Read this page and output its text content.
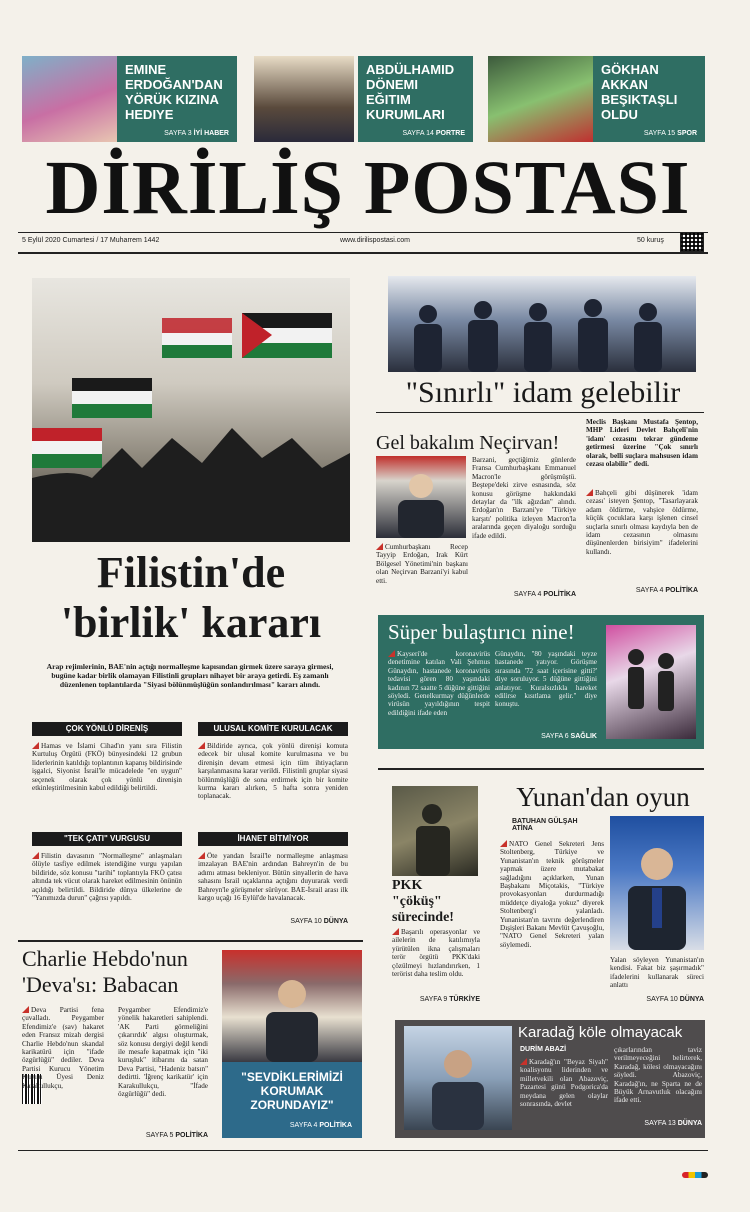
EMINE ERDOĞAN'DAN YÖRÜK KIZINA HEDIYE
SAYFA 3 İYİ HABER
ABDÜLHAMID DÖNEMI EĞITIM KURUMLARI
SAYFA 14 PORTRE
GÖKHAN AKKAN BEŞIKTAŞLI OLDU
SAYFA 15 SPOR
DİRİLİŞ POSTASI
5 Eylül 2020 Cumartesi / 17 Muharrem 1442	www.dirilispostasi.com	50 kuruş
Filistin'de
'birlik' kararı
Arap rejimlerinin, BAE'nin açtığı normalleşme kapısından girmek üzere saraya girmesi, bugüne kadar birlik olamayan Filistinli grupları nihayet bir araya getirdi. Eş zamanlı düzenlenen toplantılarda "Siyasi bölünmüşlüğün sonlandırılması" kararı alındı.
ÇOK YÖNLÜ DİRENİŞ
Hamas ve İslami Cihad'ın yanı sıra Filistin Kurtuluş Örgütü (FKÖ) bünyesindeki 12 grubun liderlerinin katıldığı toplantının kapanış bildirisinde işgalci, Siyonist İsrail'le mücadelede "en uygun" seçenek olarak çok yönlü direnişin etkinleştirilmesinin kabul edildiği belirtildi.
ULUSAL KOMİTE KURULACAK
Bildiride ayrıca, çok yönlü direnişi komuta edecek bir ulusal komite kurulmasına ve bu direnişin devam etmesi için tüm ihtiyaçların karşılanmasına karar verildi. Filistinli gruplar siyasi bölünmüşlüğü de sona erdirmek için bir komite kurma kararı alırken, 5 hafta sonra yeniden toplanacak.
"TEK ÇATI" VURGUSU
Filistin davasının "Normalleşme" anlaşmaları ölüyle tasfiye edilmek istendiğine vurgu yapılan bildiride, söz konusu "tarihi" toplantıyla FKÖ çatısı altında tek vücut olarak hareket edilmesinin önünün açıldığı belirtildi. Bildiride dünya ülkelerine de "Yanımızda durun" çağrısı yapıldı.
İHANET BİTMİYOR
Öte yandan İsrail'le normalleşme anlaşması imzalayan BAE'nin ardından Bahreyn'in de bu adımı atması bekleniyor. Bütün sinyallerin de hava sahasını İsrail uçaklarına açtığını duyurarak verdi Bahreyn'le görüşmeler sürüyor. BAE-İsrail arası ilk kargo uçağı 16 Eylül'de havalanacak.
SAYFA 10 DÜNYA
"Sınırlı" idam gelebilir
Meclis Başkanı Mustafa Şentop, MHP Lideri Devlet Bahçeli'nin 'idam' cezasını tekrar gündeme getirmesi üzerine "Çok sınırlı olarak, belli suçlara mahsusen idam cezası olabilir" dedi.
Bahçeli gibi düşünerek 'idam cezası' isteyen Şentop, "Tasarlayarak adam öldürme, vahşice öldürme, küçük çocuklara karşı işlenen cinsel suçlarla sınırlı olması kaydıyla ben de idam cezasının olmasını düşünenlerden birisiyim" ifadelerini kullandı.
SAYFA 4 POLİTİKA
Gel bakalım Neçirvan!
Cumhurbaşkanı Recep Tayyip Erdoğan, Irak Kürt Bölgesel Yönetimi'nin başkanı olan Neçirvan Barzani'yi kabul etti.
Barzani, geçtiğimiz günlerde Fransa Cumhurbaşkanı Emmanuel Macron'le görüşmüştü. Beştepe'deki zirve esnasında, söz konusu görüşme hakkındaki detaylar da "ilk ağızdan" alındı. Erdoğan'ın Barzani'ye 'Türkiye karşıtı' politika izleyen Macron'la aralarında geçen diyaloğu sorduğu ifade edildi.
SAYFA 4 POLİTİKA
Süper bulaştırıcı nine!
Kayseri'de koronavirüs denetimine katılan Vali Şehmus Günaydın, hastanede koronavirüs tedavisi gören 80 yaşındaki kadının 72 saatte 5 düğüne gittiğini söyledi. Genelkurmay düğünlerde virüsün yayıldığının tespit edildiğini ifade eden
Günaydın, "80 yaşındaki teyze hastanede yatıyor. Görüşme sırasında '72 saat içerisine gitti?' diye soruluyor. 5 düğüne gittiğini anlatıyor. Kuralsızlıkla hareket edilirse kısıtlama gelir." diye konuştu.
SAYFA 6 SAĞLIK
Yunan'dan oyun
PKK
"çöküş"
sürecinde!
Başarılı operasyonlar ve ailelerin de katılımıyla yürütülen ikna çalışmaları terör örgütü PKK'daki çözülmeyi hızlandırırken, 1 terörist daha teslim oldu.
SAYFA 9 TÜRKİYE
BATUHAN GÜLŞAH ATİNA
NATO Genel Sekreteri Jens Stoltenberg, Türkiye ve Yunanistan'ın teknik görüşmeler yapmak üzere mutabakat sağladığını açıklarken, Yunan Başbakanı Miçotakis, "Türkiye provokasyonları durdurmadığı müddetçe diyaloğa yokuz" diyerek Stoltenberg'i yalanladı. Yunanistan'ın tavrını değerlendiren Dışişleri Bakanı Mevlüt Çavuşoğlu, "NATO Genel Sekreteri yalan söylemedi.
Yalan söyleyen Yunanistan'ın kendisi. Fakat biz şaşırmadık" ifadelerini kullanarak süreci anlattı
SAYFA 10 DÜNYA
Charlie Hebdo'nun
'Deva'sı: Babacan
Deva Partisi fena çuvalladı. Peygamber Efendimiz'e (sav) hakaret eden Fransız mizah dergisi Charlie Hebdo'nun skandal karikatürü için "ifade özgürlüğü" dediler. Deva Partisi Kurucu Yönetim Kurulu Üyesi Deniz Karakullukçu,
Peygamber Efendimiz'e yönelik hakaretleri sahiplendi. 'AK Parti görmeliğini çıkarırdık' algısı oluşturmak, söz konusu dergiyi değil kendi ile mesafe kapatmak için "iki kuruşluk" itibarını da satan Deva Partisi, "Hadeniz batsın" dedirtti. 'İğrenç karikatür' için Karakullukçu, "İfade özgürlüğü" dedi.
SAYFA 5 POLİTİKA
"SEVDİKLERİMİZİ KORUMAK ZORUNDAYIZ"
SAYFA 4 POLİTİKA
Karadağ köle olmayacak
DURİM ABAZİ
Karadağ'ın "Beyaz Siyah" koalisyonu liderinden ve milletvekili olan Abazoviç, Pazartesi günü Podgorica'da meydana gelen olaylar sonrasında, devlet
çıkarlarından taviz verilmeyeceğini belirterek, Karadağ, kölesi olmayacağını söyledi. Abazoviç, Karadağ'ın, ne Sparta ne de Büyük Arnavutluk olacağını ifade etti.
SAYFA 13 DÜNYA
